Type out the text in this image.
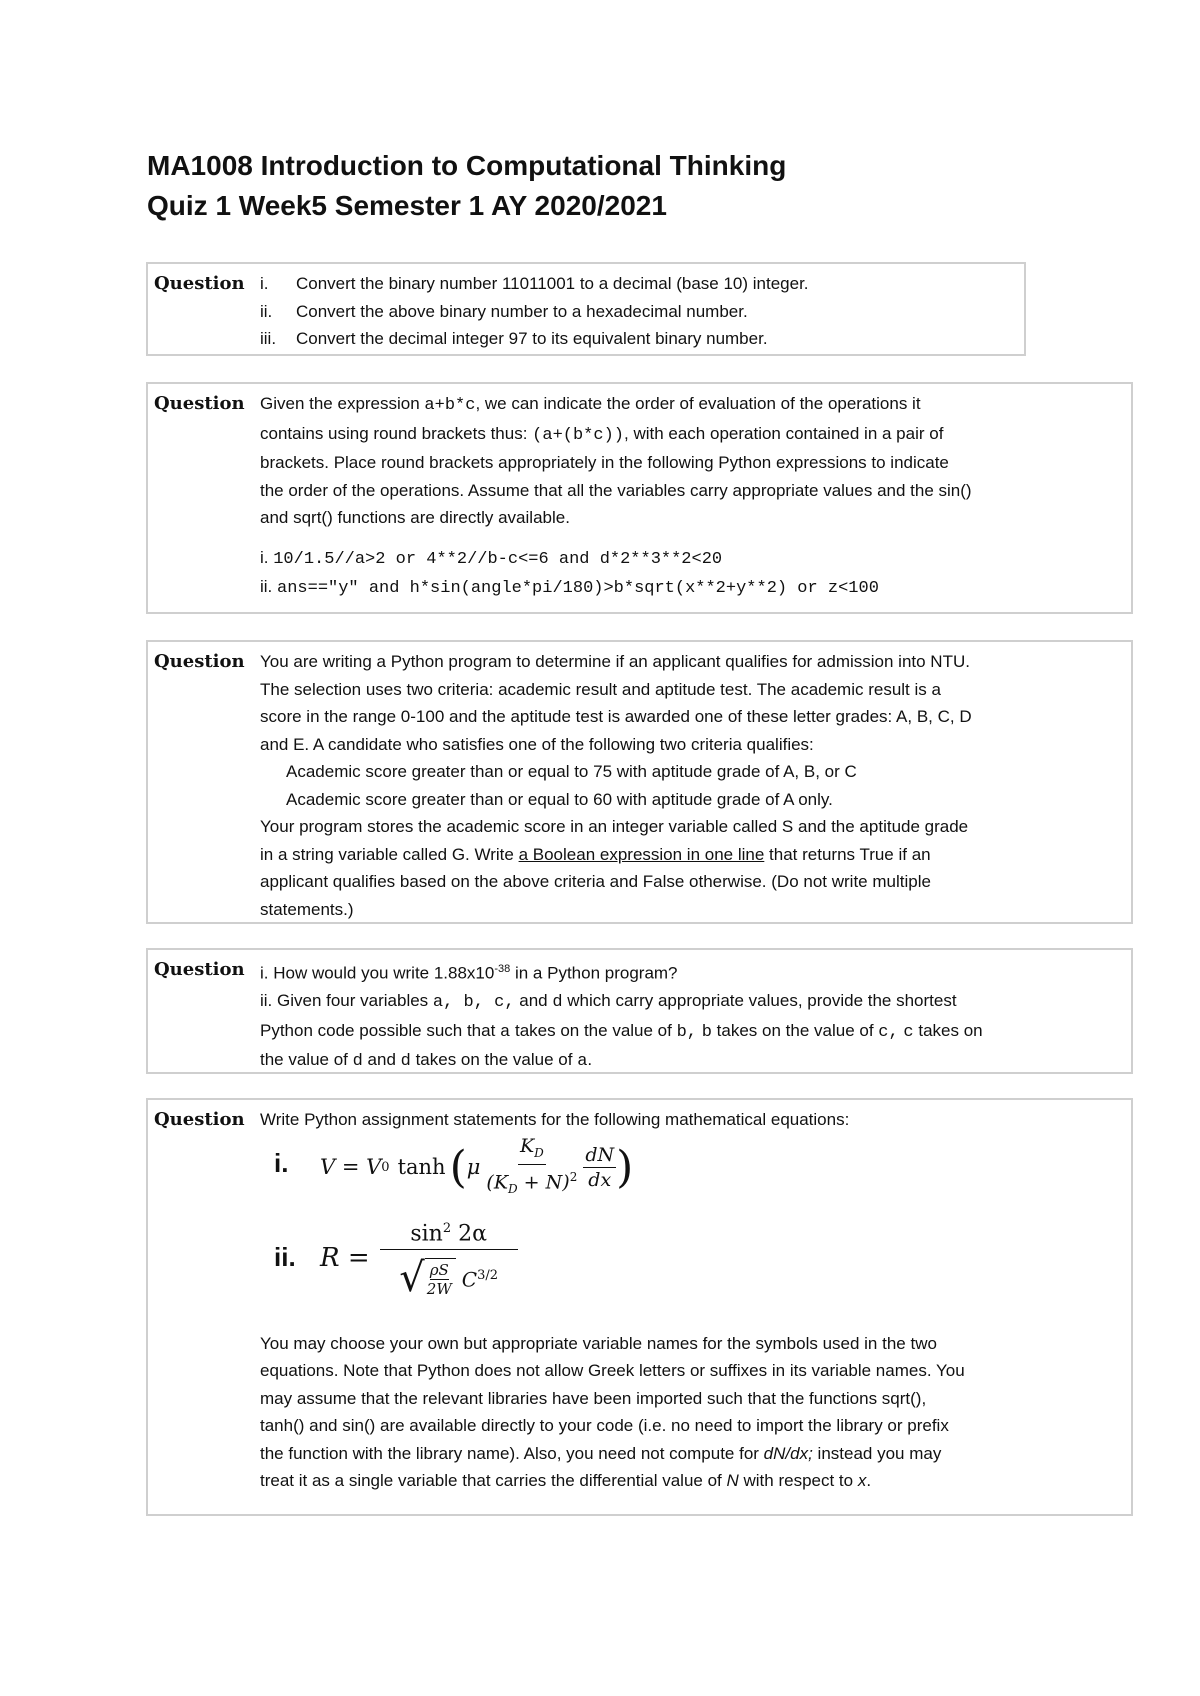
MA1008 Introduction to Computational Thinking
Quiz 1 Week5 Semester 1 AY 2020/2021
Question i. Convert the binary number 11011001 to a decimal (base 10) integer.
ii. Convert the above binary number to a hexadecimal number.
iii. Convert the decimal integer 97 to its equivalent binary number.
Question Given the expression a+b*c, we can indicate the order of evaluation of the operations it
contains using round brackets thus: (a+(b*c)), with each operation contained in a pair of
brackets. Place round brackets appropriately in the following Python expressions to indicate
the order of the operations. Assume that all the variables carry appropriate values and the sin()
and sqrt() functions are directly available.
i. 10/1.5//a>2 or 4**2//b-c<=6 and d*2**3**2<20
ii. ans=="y" and h*sin(angle*pi/180)>b*sqrt(x**2+y**2) or z<100
Question You are writing a Python program to determine if an applicant qualifies for admission into NTU.
The selection uses two criteria: academic result and aptitude test. The academic result is a
score in the range 0-100 and the aptitude test is awarded one of these letter grades: A, B, C, D
and E. A candidate who satisfies one of the following two criteria qualifies:
Academic score greater than or equal to 75 with aptitude grade of A, B, or C
Academic score greater than or equal to 60 with aptitude grade of A only.
Your program stores the academic score in an integer variable called S and the aptitude grade
in a string variable called G. Write a Boolean expression in one line that returns True if an
applicant qualifies based on the above criteria and False otherwise. (Do not write multiple
statements.)
Question i. How would you write $1.88x10^{-38}$ in a Python program?
ii. Given four variables a, b, c, and d which carry appropriate values, provide the shortest
Python code possible such that a takes on the value of b, b takes on the value of c, c takes on
the value of d and d takes on the value of a.
Question Write Python assignment statements for the following mathematical equations:
i. V = V 0 tanh ( μ $\frac{K_D}{(K_D + N)^2}$ dN
dx )
ii. R =
$\sin^2 2\alpha$
√ ρS
2W $C^{3/2}$
You may choose your own but appropriate variable names for the symbols used in the two
equations. Note that Python does not allow Greek letters or suffixes in its variable names. You
may assume that the relevant libraries have been imported such that the functions sqrt(),
tanh() and sin() are available directly to your code (i.e. no need to import the library or prefix
the function with the library name). Also, you need not compute for dN/dx; instead you may
treat it as a single variable that carries the differential value of N with respect to x.
